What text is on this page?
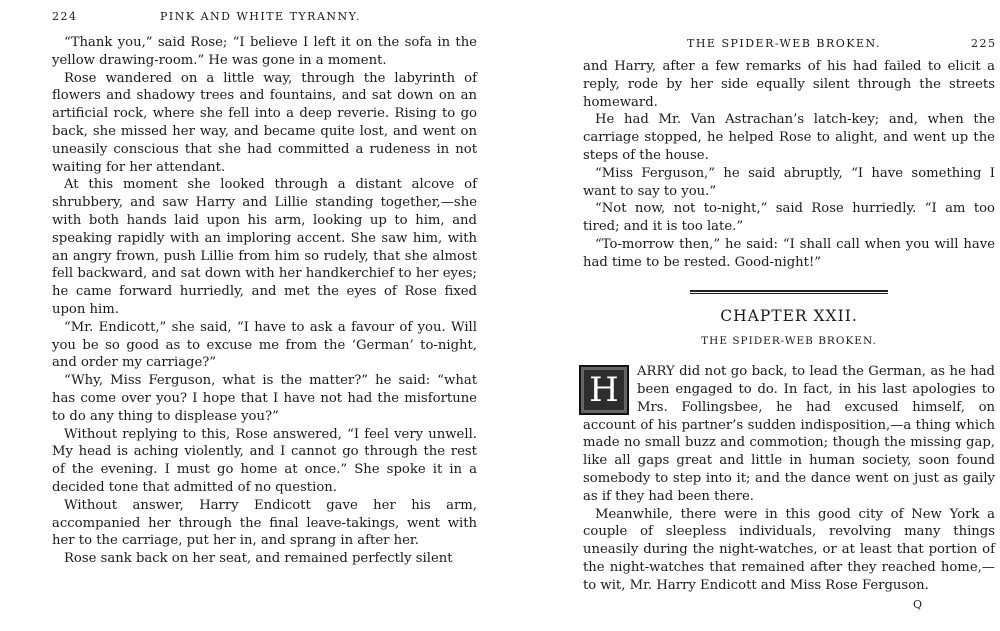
224	PINK AND WHITE TYRANNY.

“Thank you,” said Rose; “I believe I left it on the sofa in the yellow drawing-room.” He was gone in a moment.

Rose wandered on a little way, through the labyrinth of flowers and shadowy trees and fountains, and sat down on an artificial rock, where she fell into a deep reverie. Rising to go back, she missed her way, and became quite lost, and went on uneasily conscious that she had committed a rudeness in not waiting for her attendant.

At this moment she looked through a distant alcove of shrubbery, and saw Harry and Lillie standing together,—she with both hands laid upon his arm, looking up to him, and speaking rapidly with an imploring accent. She saw him, with an angry frown, push Lillie from him so rudely, that she almost fell backward, and sat down with her handkerchief to her eyes; he came forward hurriedly, and met the eyes of Rose fixed upon him.

“Mr. Endicott,” she said, “I have to ask a favour of you. Will you be so good as to excuse me from the ‘German’ to-night, and order my carriage?”

“Why, Miss Ferguson, what is the matter?” he said: “what has come over you? I hope that I have not had the misfortune to do any thing to displease you?”

Without replying to this, Rose answered, “I feel very unwell. My head is aching violently, and I cannot go through the rest of the evening. I must go home at once.” She spoke it in a decided tone that admitted of no question.

Without answer, Harry Endicott gave her his arm, accompanied her through the final leave-takings, went with her to the carriage, put her in, and sprang in after her.

Rose sank back on her seat, and remained perfectly silent

THE SPIDER-WEB BROKEN.	225

and Harry, after a few remarks of his had failed to elicit a reply, rode by her side equally silent through the streets homeward.

He had Mr. Van Astrachan’s latch-key; and, when the carriage stopped, he helped Rose to alight, and went up the steps of the house.

“Miss Ferguson,” he said abruptly, “I have something I want to say to you.”

“Not now, not to-night,” said Rose hurriedly. “I am too tired; and it is too late.”

“To-morrow then,” he said: “I shall call when you will have had time to be rested. Good-night!”

CHAPTER XXII.
THE SPIDER-WEB BROKEN.

H	ARRY did not go back, to lead the German, as he had been engaged to do. In fact, in his last apologies to Mrs. Follingsbee, he had excused himself, on account of his partner’s sudden indisposition,—a thing which made no small buzz and commotion; though the missing gap, like all gaps great and little in human society, soon found somebody to step into it; and the dance went on just as gaily as if they had been there.

Meanwhile, there were in this good city of New York a couple of sleepless individuals, revolving many things uneasily during the night-watches, or at least that portion of the night-watches that remained after they reached home,—to wit, Mr. Harry Endicott and Miss Rose Ferguson.

Q
